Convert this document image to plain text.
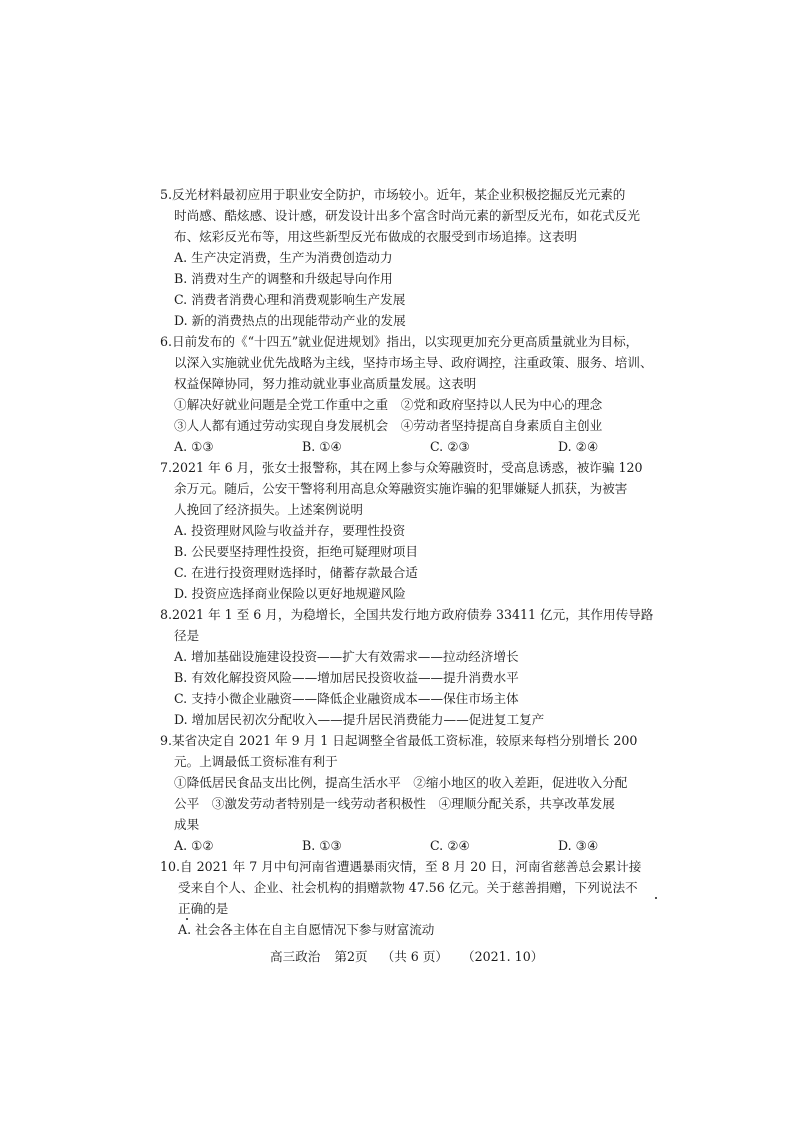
5.反光材料最初应用于职业安全防护，市场较小。近年，某企业积极挖掘反光元素的
时尚感、酷炫感、设计感，研发设计出多个富含时尚元素的新型反光布，如花式反光
布、炫彩反光布等，用这些新型反光布做成的衣服受到市场追捧。这表明
A. 生产决定消费，生产为消费创造动力
B. 消费对生产的调整和升级起导向作用
C. 消费者消费心理和消费观影响生产发展
D. 新的消费热点的出现能带动产业的发展
6.日前发布的《“十四五”就业促进规划》指出，以实现更加充分更高质量就业为目标，
以深入实施就业优先战略为主线，坚持市场主导、政府调控，注重政策、服务、培训、
权益保障协同，努力推动就业事业高质量发展。这表明
①解决好就业问题是全党工作重中之重　②党和政府坚持以人民为中心的理念
③人人都有通过劳动实现自身发展机会　④劳动者坚持提高自身素质自主创业
A. ①③	B. ①④	C. ②③	D. ②④
7.2021 年 6 月，张女士报警称，其在网上参与众筹融资时，受高息诱惑，被诈骗 120
余万元。随后，公安干警将利用高息众筹融资实施诈骗的犯罪嫌疑人抓获，为被害
人挽回了经济损失。上述案例说明
A. 投资理财风险与收益并存，要理性投资
B. 公民要坚持理性投资，拒绝可疑理财项目
C. 在进行投资理财选择时，储蓄存款最合适
D. 投资应选择商业保险以更好地规避风险
8.2021 年 1 至 6 月，为稳增长，全国共发行地方政府债券 33411 亿元，其作用传导路
径是
A. 增加基础设施建设投资——扩大有效需求——拉动经济增长
B. 有效化解投资风险——增加居民投资收益——提升消费水平
C. 支持小微企业融资——降低企业融资成本——保住市场主体
D. 增加居民初次分配收入——提升居民消费能力——促进复工复产
9.某省决定自 2021 年 9 月 1 日起调整全省最低工资标准，较原来每档分别增长 200
元。上调最低工资标准有利于
①降低居民食品支出比例，提高生活水平　②缩小地区的收入差距，促进收入分配
公平　③激发劳动者特别是一线劳动者积极性　④理顺分配关系，共享改革发展
成果
A. ①②	B. ①③	C. ②④	D. ③④
10.自 2021 年 7 月中旬河南省遭遇暴雨灾情，至 8 月 20 日，河南省慈善总会累计接
受来自个人、企业、社会机构的捐赠款物 47.56 亿元。关于慈善捐赠，下列说法不
正确的是
A. 社会各主体在自主自愿情况下参与财富流动
高三政治 第2页 （共 6 页） （2021. 10）
